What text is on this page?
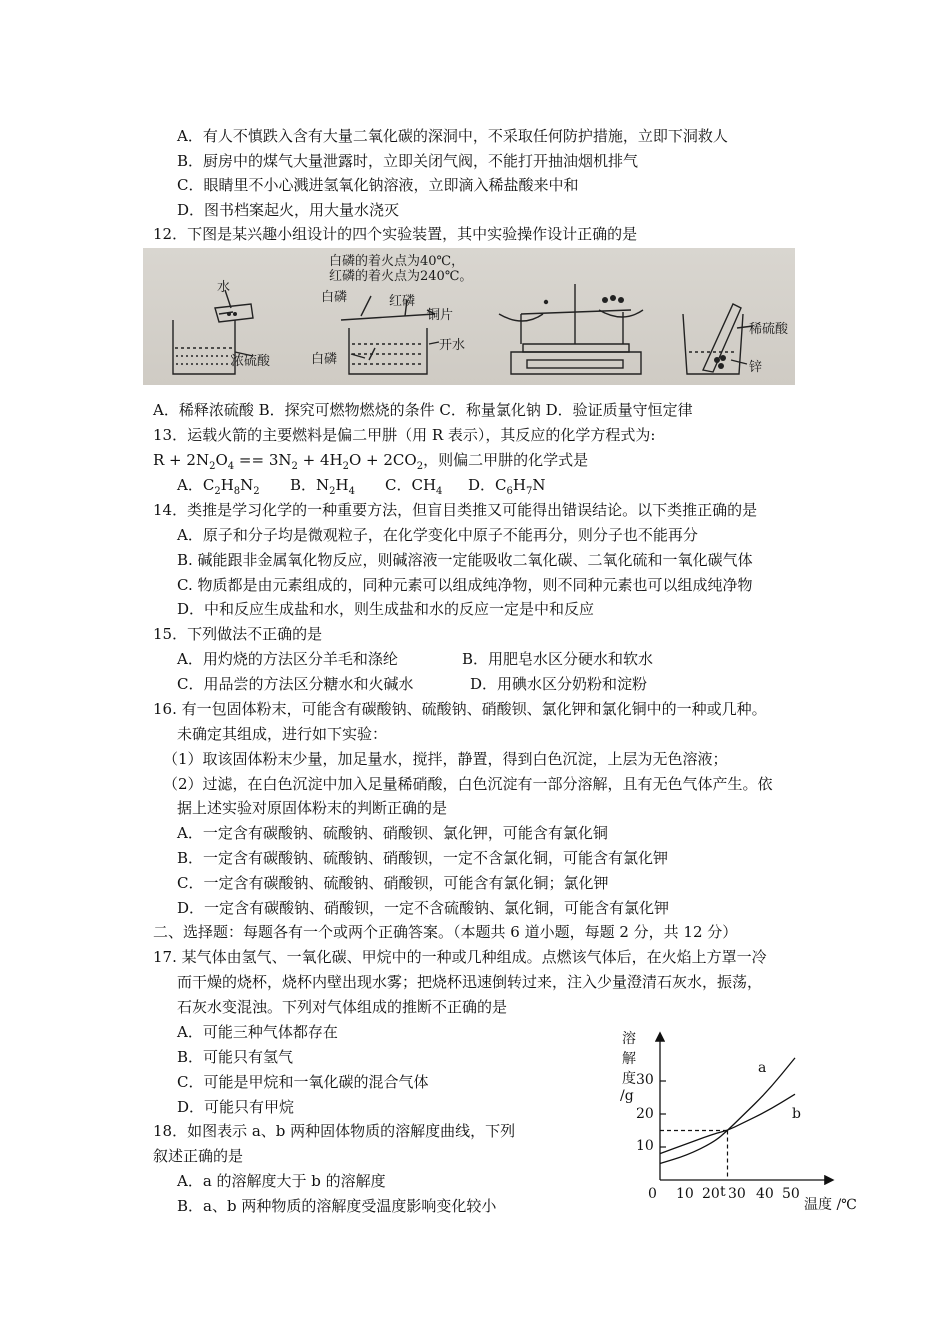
A．有人不慎跌入含有大量二氧化碳的深洞中，不采取任何防护措施，立即下洞救人
B．厨房中的煤气大量泄露时，立即关闭气阀，不能打开抽油烟机排气
C．眼睛里不小心溅进氢氧化钠溶液，立即滴入稀盐酸来中和
D．图书档案起火，用大量水浇灭
12．下图是某兴趣小组设计的四个实验装置，其中实验操作设计正确的是
白磷的着火点为40℃，
红磷的着火点为240℃。
水
浓硫酸
白磷	红磷
铜片
开水
白磷
稀硫酸
锌
A．稀释浓硫酸 B．探究可燃物燃烧的条件 C．称量氯化钠 D．验证质量守恒定律
13．运载火箭的主要燃料是偏二甲肼（用 R 表示），其反应的化学方程式为:
$R + 2N_2O_4 == 3N_2 + 4H_2O + 2CO_2$，则偏二甲肼的化学式是
A．$C_2H_8N_2$ B．$N_2H_4$ C．$CH_4$ D．$C_6H_7N$
14．类推是学习化学的一种重要方法，但盲目类推又可能得出错误结论。以下类推正确的是
A．原子和分子均是微观粒子，在化学变化中原子不能再分，则分子也不能再分
B. 碱能跟非金属氧化物反应，则碱溶液一定能吸收二氧化碳、二氧化硫和一氧化碳气体
C. 物质都是由元素组成的，同种元素可以组成纯净物，则不同种元素也可以组成纯净物
D．中和反应生成盐和水，则生成盐和水的反应一定是中和反应
15．下列做法不正确的是
A．用灼烧的方法区分羊毛和涤纶	B．用肥皂水区分硬水和软水
C．用品尝的方法区分糖水和火碱水	D．用碘水区分奶粉和淀粉
16. 有一包固体粉末，可能含有碳酸钠、硫酸钠、硝酸钡、氯化钾和氯化铜中的一种或几种。
未确定其组成，进行如下实验：
（1）取该固体粉末少量，加足量水，搅拌，静置，得到白色沉淀，上层为无色溶液；
（2）过滤，在白色沉淀中加入足量稀硝酸，白色沉淀有一部分溶解，且有无色气体产生。依
据上述实验对原固体粉末的判断正确的是
A．一定含有碳酸钠、硫酸钠、硝酸钡、氯化钾，可能含有氯化铜
B．一定含有碳酸钠、硫酸钠、硝酸钡，一定不含氯化铜，可能含有氯化钾
C．一定含有碳酸钠、硫酸钠、硝酸钡，可能含有氯化铜；氯化钾
D．一定含有碳酸钠、硝酸钡，一定不含硫酸钠、氯化铜，可能含有氯化钾
二、选择题：每题各有一个或两个正确答案。（本题共 6 道小题，每题 2 分，共 12 分）
17. 某气体由氢气、一氧化碳、甲烷中的一种或几种组成。点燃该气体后，在火焰上方罩一冷
而干燥的烧杯，烧杯内壁出现水雾；把烧杯迅速倒转过来，注入少量澄清石灰水，振荡，
石灰水变混浊。下列对气体组成的推断不正确的是
A．可能三种气体都存在
B．可能只有氢气
C．可能是甲烷和一氧化碳的混合气体
D．可能只有甲烷
18．如图表示 a、b 两种固体物质的溶解度曲线，下列
叙述正确的是
A．a 的溶解度大于 b 的溶解度
B．a、b 两种物质的溶解度受温度影响变化较小
溶
解
度
/g
30
20
10
0 10 20 t 30 40 50
温度 /℃
a
b
